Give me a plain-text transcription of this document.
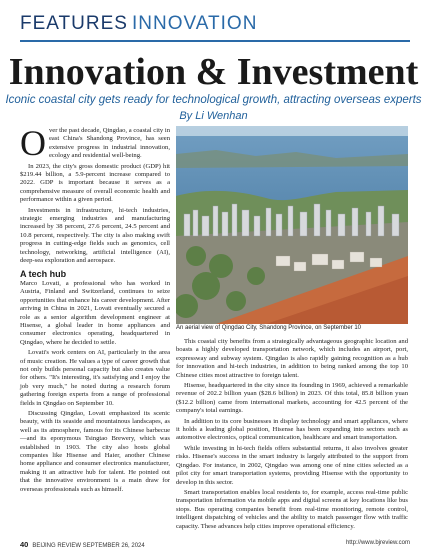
FEATURES INNOVATION
Innovation & Investment
Iconic coastal city gets ready for technological growth, attracting overseas experts
By Li Wenhan

Over the past decade, Qingdao, a coastal city in east China's Shandong Province, has seen extensive progress in industrial innovation, ecology and residential well-being.

In 2023, the city's gross domestic product (GDP) hit $219.44 billion, a 5.9-percent increase compared to 2022. GDP is important because it serves as a comprehensive measure of overall economic health and performance within a given period.

Investments in infrastructure, hi-tech industries, strategic emerging industries and manufacturing increased by 38 percent, 27.6 percent, 24.5 percent and 10.8 percent, respectively. The city is also making swift progress in cutting-edge fields such as genomics, cell technology, networking, artificial intelligence (AI), deep-sea exploration and aerospace.

A tech hub

Marco Lovati, a professional who has worked in Austria, Finland and Switzerland, continues to seize opportunities that enhance his career development. After arriving in China in 2021, Lovati eventually secured a role as a senior algorithm development engineer at Hisense, a global leader in home appliances and consumer electronics operating, headquartered in Qingdao, where he decided to settle.

Lovati's work centers on AI, particularly in the area of music creation. He values a type of career growth that not only builds personal capacity but also creates value for others. "It's interesting, it's satisfying and I enjoy the job very much," he noted during a research forum gathering foreign experts from a range of professional fields in Qingdao on September 10.

Discussing Qingdao, Lovati emphasized its scenic beauty, with its seaside and mountainous landscapes, as well as its atmosphere, famous for its Chinese barbecue—and its eponymous Tsingtao Brewery, which was established in 1903. The city also hosts global companies like Hisense and Haier, another Chinese home appliance and consumer electronics manufacturer, making it an attractive hub for talent. He pointed out that the innovative environment is a main draw for overseas professionals such as himself.

An aerial view of Qingdao City, Shandong Province, on September 10

This coastal city benefits from a strategically advantageous geographic location and boasts a highly developed transportation network, which includes an airport, port, expressway and subway system. Qingdao is also rapidly gaining recognition as a hub for innovation and hi-tech industries, in addition to being ranked among the top 10 Chinese cities most attractive to foreign talent.

Hisense, headquartered in the city since its founding in 1969, achieved a remarkable revenue of 202.2 billion yuan ($28.6 billion) in 2023. Of this total, 85.8 billion yuan ($12.2 billion) came from international markets, accounting for 42.5 percent of the company's total earnings.

In addition to its core businesses in display technology and smart appliances, where it holds a leading global position, Hisense has been expanding into sectors such as automotive electronics, optical communication, healthcare and smart transportation.

While investing in hi-tech fields offers substantial returns, it also involves greater risks. Hisense's success in the smart industry is largely attributed to the support from Qingdao. For instance, in 2002, Qingdao was among one of nine cities selected as a pilot city for smart transportation systems, providing Hisense with the opportunity to develop in this sector.

Smart transportation enables local residents to, for example, access real-time public transportation information via mobile apps and digital screens at key locations like bus stops. Bus operating companies benefit from real-time monitoring, remote control, intelligent dispatching of vehicles and the ability to match passenger flow with traffic capacity. These advances help cities improve operational efficiency.

40 BEIJING REVIEW SEPTEMBER 26, 2024	http://www.bjreview.com
